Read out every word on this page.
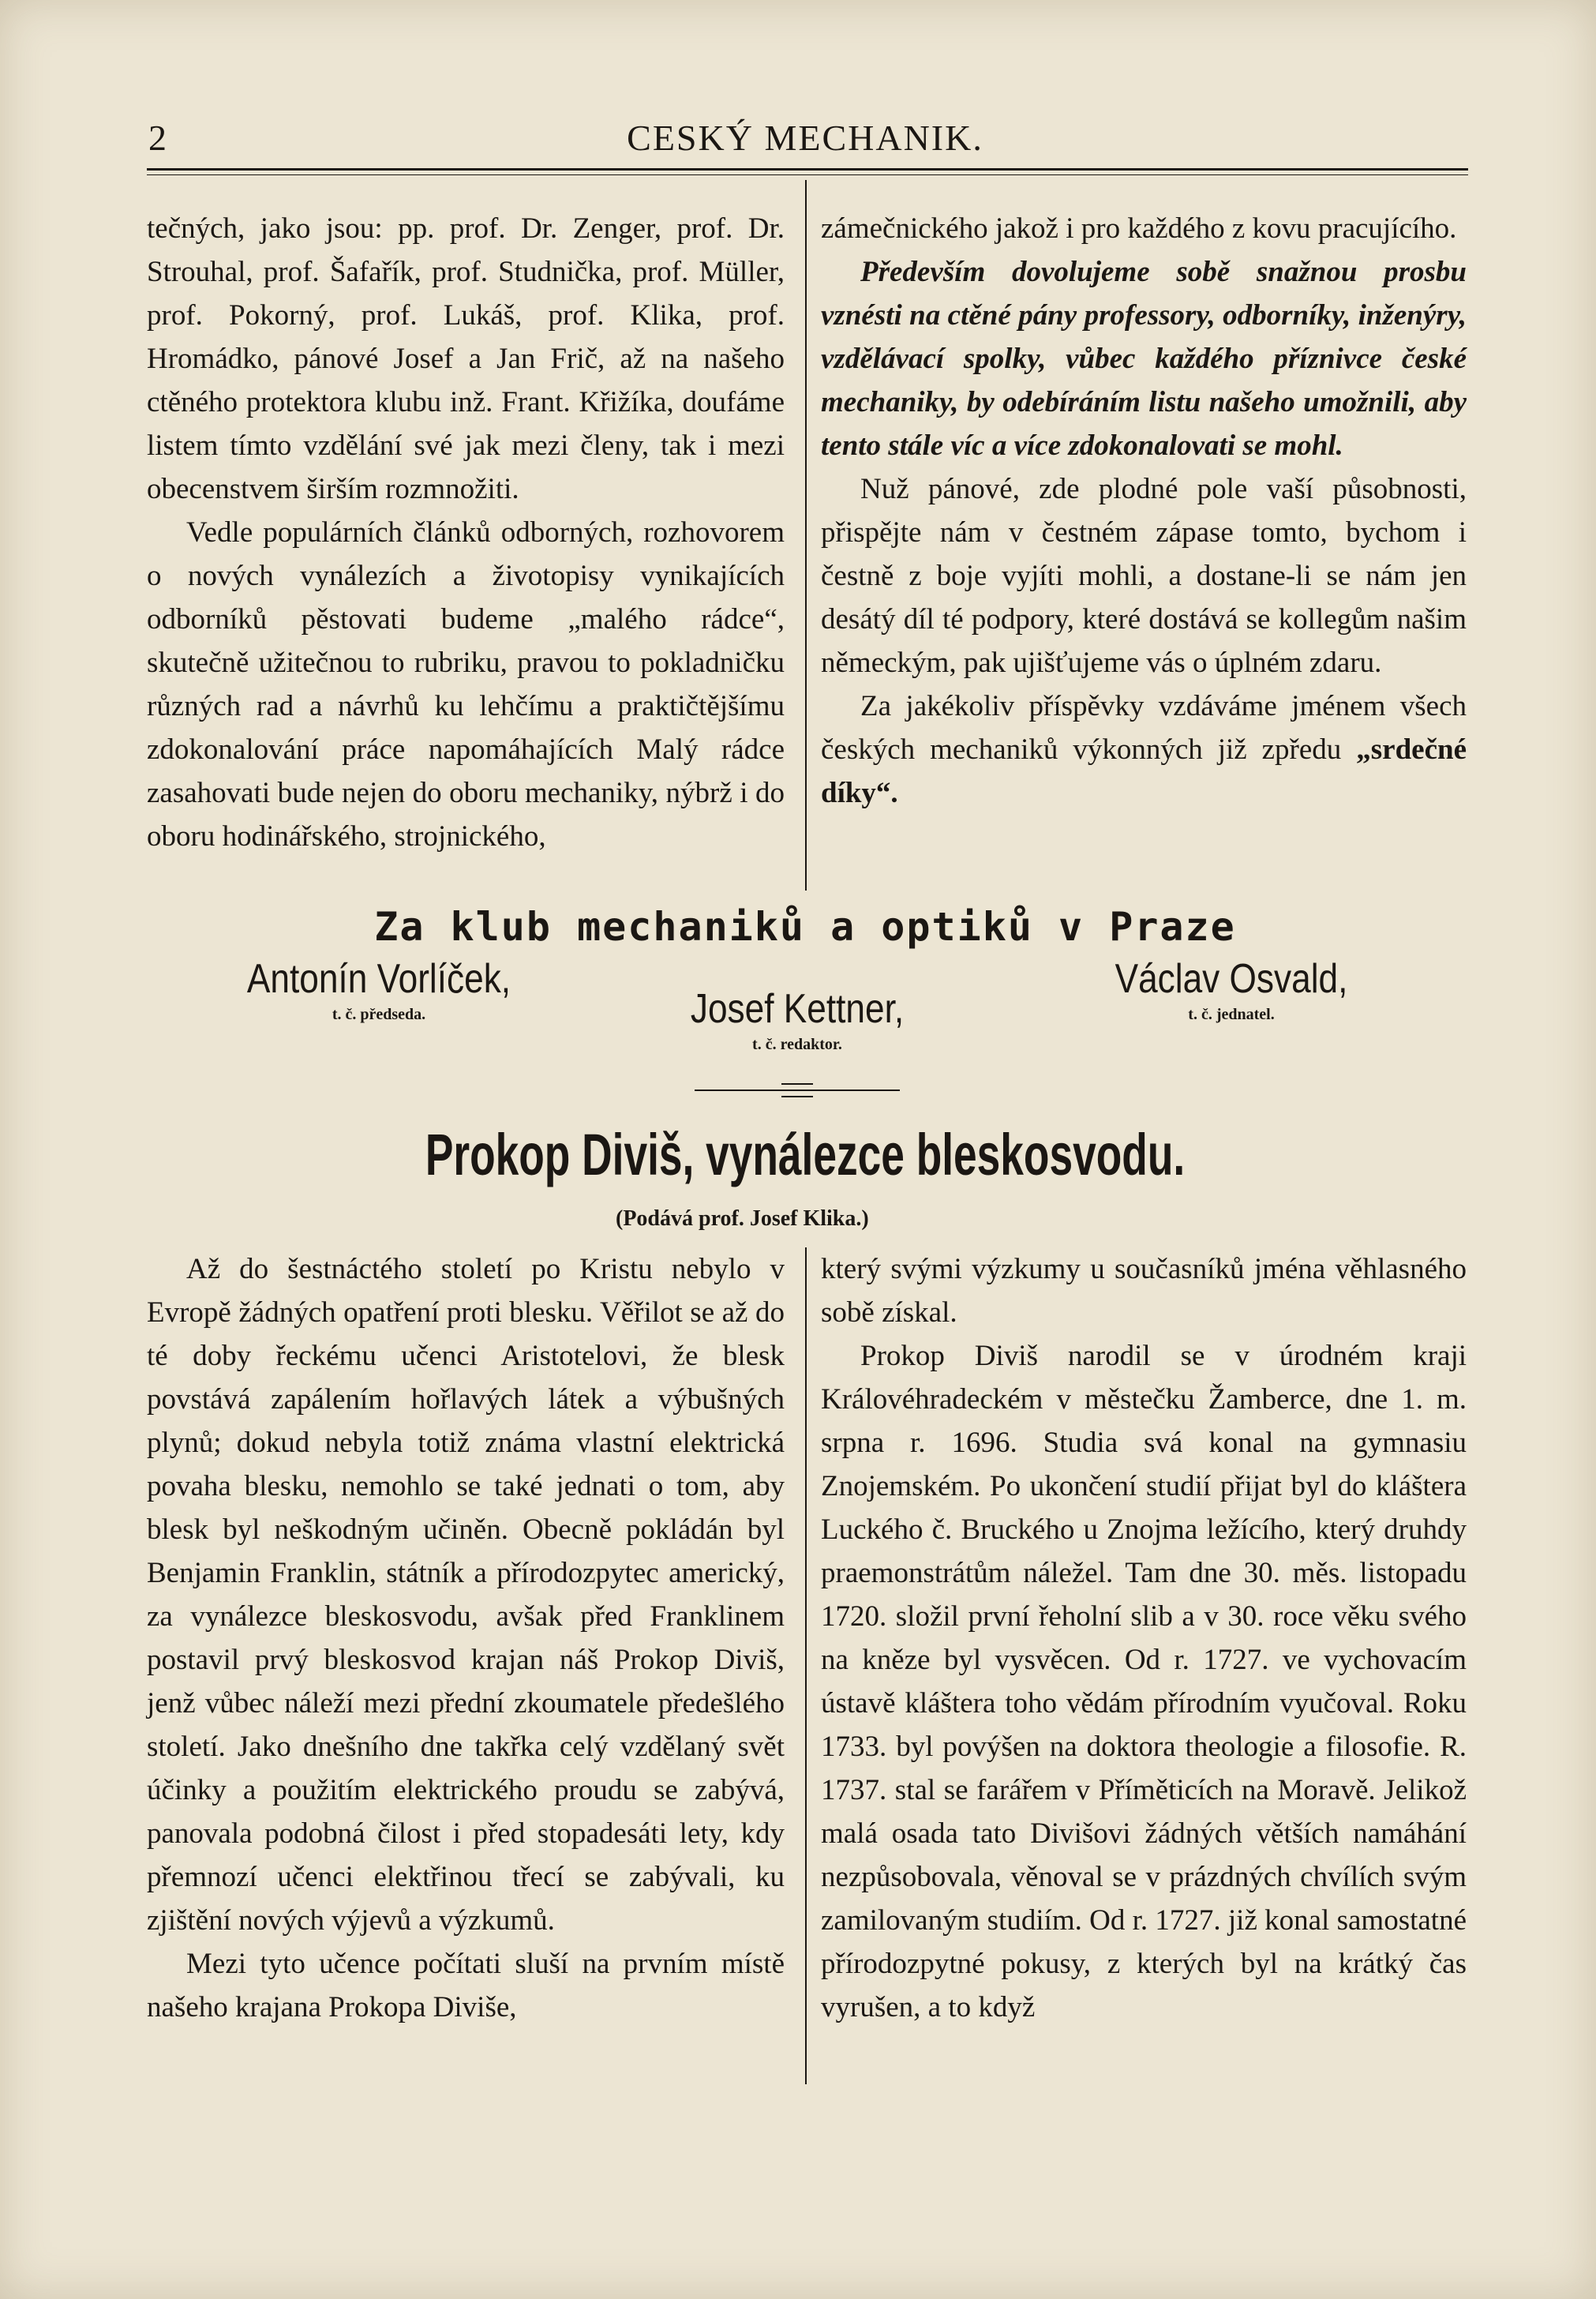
2	CESKÝ MECHANIK.

tečných, jako jsou: pp. prof. Dr. Zenger, prof. Dr. Strouhal, prof. Šafařík, prof. Studnička, prof. Müller, prof. Pokorný, prof. Lukáš, prof. Klika, prof. Hromádko, pánové Josef a Jan Frič, až na našeho ctěného protektora klubu inž. Frant. Křižíka, doufáme listem tímto vzdělání své jak mezi členy, tak i mezi obecenstvem širším rozmnožiti.

Vedle populárních článků odborných, rozhovorem o nových vynálezích a životopisy vynikajících odborníků pěstovati budeme „malého rádce“, skutečně užitečnou to rubriku, pravou to pokladničku různých rad a návrhů ku lehčímu a praktičtějšímu zdokonalování práce napomáhajících Malý rádce zasahovati bude nejen do oboru mechaniky, nýbrž i do oboru hodinářského, strojnického,

zámečnického jakož i pro každého z kovu pracujícího.

Především dovolujeme sobě snažnou prosbu vznésti na ctěné pány professory, odborníky, inženýry, vzdělávací spolky, vůbec každého příznivce české mechaniky, by odebíráním listu našeho umožnili, aby tento stále víc a více zdokonalovati se mohl.

Nuž pánové, zde plodné pole vaší působnosti, přispějte nám v čestném zápase tomto, bychom i čestně z boje vyjíti mohli, a dostane-li se nám jen desátý díl té podpory, které dostává se kollegům našim německým, pak ujišťujeme vás o úplném zdaru.

Za jakékoliv příspěvky vzdáváme jménem všech českých mechaniků výkonných již zpředu „srdečné díky“.

Za klub mechaniků a optiků v Praze
Antonín Vorlíček,
t. č. předseda.	Josef Kettner,
t. č. redaktor.
Václav Osvald,
t. č. jednatel.
Prokop Diviš, vynálezce bleskosvodu.
(Podává prof. Josef Klika.)

Až do šestnáctého století po Kristu nebylo v Evropě žádných opatření proti blesku. Věřilot se až do té doby řeckému učenci Aristotelovi, že blesk povstává zapálením hořlavých látek a výbušných plynů; dokud nebyla totiž známa vlastní elektrická povaha blesku, nemohlo se také jednati o tom, aby blesk byl neškodným učiněn. Obecně pokládán byl Benjamin Franklin, státník a přírodozpytec americký, za vynálezce bleskosvodu, avšak před Franklinem postavil prvý bleskosvod krajan náš Prokop Diviš, jenž vůbec náleží mezi přední zkoumatele předešlého století. Jako dnešního dne takřka celý vzdělaný svět účinky a použitím elektrického proudu se zabývá, panovala podobná čilost i před stopadesáti lety, kdy přemnozí učenci elektřinou třecí se zabývali, ku zjištění nových výjevů a výzkumů.

Mezi tyto učence počítati sluší na prvním místě našeho krajana Prokopa Diviše,

který svými výzkumy u současníků jména věhlasného sobě získal.

Prokop Diviš narodil se v úrodném kraji Královéhradeckém v městečku Žamberce, dne 1. m. srpna r. 1696. Studia svá konal na gymnasiu Znojemském. Po ukončení studií přijat byl do kláštera Luckého č. Bruckého u Znojma ležícího, který druhdy praemonstrátům náležel. Tam dne 30. měs. listopadu 1720. složil první řeholní slib a v 30. roce věku svého na kněze byl vysvěcen. Od r. 1727. ve vychovacím ústavě kláštera toho vědám přírodním vyučoval. Roku 1733. byl povýšen na doktora theologie a filosofie. R. 1737. stal se farářem v Příměticích na Moravě. Jelikož malá osada tato Divišovi žádných větších namáhání nezpůsobovala, věnoval se v prázdných chvílích svým zamilovaným studiím. Od r. 1727. již konal samostatné přírodozpytné pokusy, z kterých byl na krátký čas vyrušen, a to když
